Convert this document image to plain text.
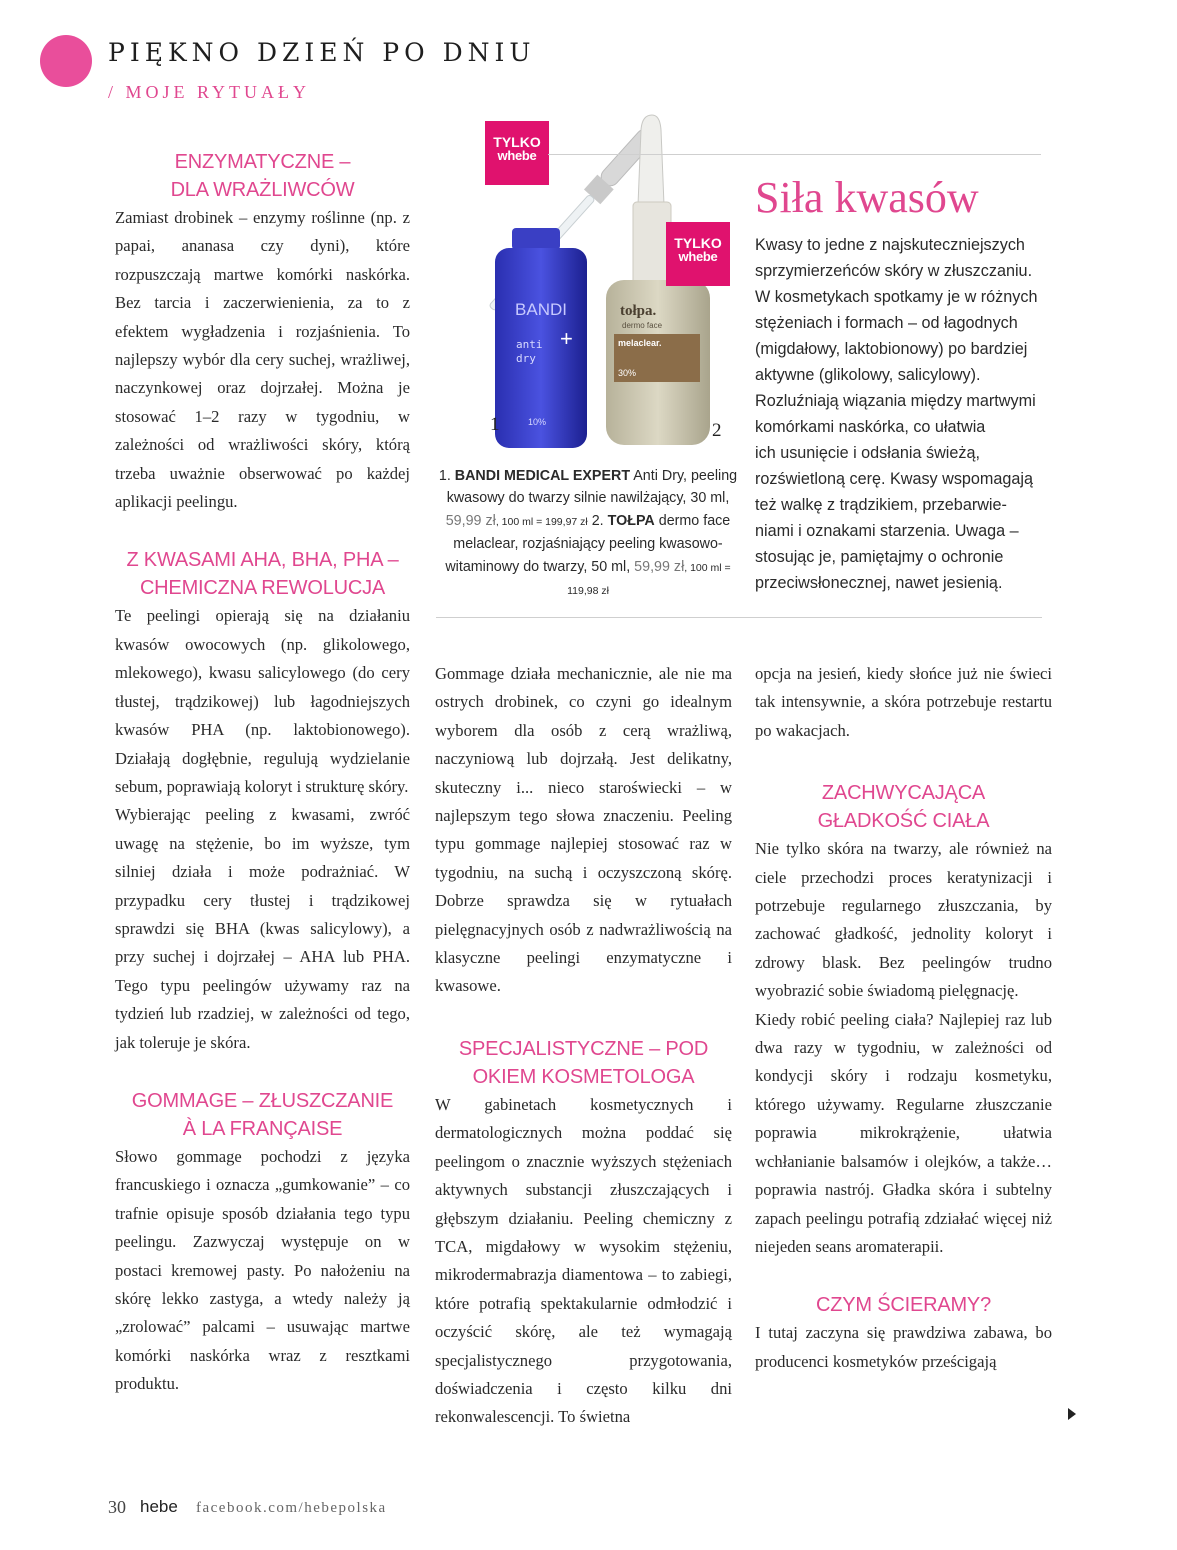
PIĘKNO DZIEŃ PO DNIU
/ MOJE RYTUAŁY
ENZYMATYCZNE –
DLA WRAŻLIWCÓW

Zamiast drobinek – enzymy roślinne (np. z papai, ananasa czy dyni), które rozpuszczają martwe komórki naskórka. Bez tarcia i zaczerwienienia, za to z efektem wygładzenia i rozjaśnienia. To najlepszy wybór dla cery suchej, wrażliwej, naczynkowej oraz dojrzałej. Można je stosować 1–2 razy w tygodniu, w zależności od wrażliwości skóry, którą trzeba uważnie obserwować po każdej aplikacji peelingu.

Z KWASAMI AHA, BHA, PHA –
CHEMICZNA REWOLUCJA

Te peelingi opierają się na działaniu kwasów owocowych (np. glikolowego, mlekowego), kwasu salicylowego (do cery tłustej, trądzikowej) lub łagodniejszych kwasów PHA (np. laktobionowego). Działają dogłębnie, regulują wydzielanie sebum, poprawiają koloryt i strukturę skóry.

Wybierając peeling z kwasami, zwróć uwagę na stężenie, bo im wyższe, tym silniej działa i może podrażniać. W przypadku cery tłustej i trądzikowej sprawdzi się BHA (kwas salicylowy), a przy suchej i dojrzałej – AHA lub PHA. Tego typu peelingów używamy raz na tydzień lub rzadziej, w zależności od tego, jak toleruje je skóra.

GOMMAGE – ZŁUSZCZANIE
À LA FRANÇAISE

Słowo gommage pochodzi z języka francuskiego i oznacza „gumkowanie” – co trafnie opisuje sposób działania tego typu peelingu. Zazwyczaj występuje on w postaci kremowej pasty. Po nałożeniu na skórę lekko zastyga, a wtedy należy ją „zrolować” palcami – usuwając martwe komórki naskórka wraz z resztkami produktu.

BANDI
anti
dry
+
10%
tołpa.
dermo face
melaclear.
30%
TYLKO
whebe
TYLKO
whebe
1	2
1. BANDI MEDICAL EXPERT Anti Dry, peeling kwasowy do twarzy silnie nawilżający, 30 ml, 59,99 zł, 100 ml = 199,97 zł 2. TOŁPA dermo face melaclear, rozjaśniający peeling kwasowo-witaminowy do twarzy, 50 ml, 59,99 zł, 100 ml = 119,98 zł
Siła kwasów
Kwasy to jedne z najskuteczniejszych
sprzymierzeńców skóry w złuszczaniu.
W kosmetykach spotkamy je w różnych
stężeniach i formach – od łagodnych
(migdałowy, laktobionowy) po bardziej
aktywne (glikolowy, salicylowy).
Rozluźniają wiązania między martwymi
komórkami naskórka, co ułatwia
ich usunięcie i odsłania świeżą,
rozświetloną cerę. Kwasy wspomagają
też walkę z trądzikiem, przebarwie-
niami i oznakami starzenia. Uwaga –
stosując je, pamiętajmy o ochronie
przeciwsłonecznej, nawet jesienią.

Gommage działa mechanicznie, ale nie ma ostrych drobinek, co czyni go idealnym wyborem dla osób z cerą wrażliwą, naczyniową lub dojrzałą. Jest delikatny, skuteczny i... nieco staroświecki – w najlepszym tego słowa znaczeniu. Peeling typu gommage najlepiej stosować raz w tygodniu, na suchą i oczyszczoną skórę. Dobrze sprawdza się w rytuałach pielęgnacyjnych osób z nadwrażliwością na klasyczne peelingi enzymatyczne i kwasowe.

SPECJALISTYCZNE – POD
OKIEM KOSMETOLOGA

W gabinetach kosmetycznych i dermatologicznych można poddać się peelingom o znacznie wyższych stężeniach aktywnych substancji złuszczających i głębszym działaniu. Peeling chemiczny z TCA, migdałowy w wysokim stężeniu, mikrodermabrazja diamentowa – to zabiegi, które potrafią spektakularnie odmłodzić i oczyścić skórę, ale też wymagają specjalistycznego przygotowania, doświadczenia i często kilku dni rekonwalescencji. To świetna

opcja na jesień, kiedy słońce już nie świeci tak intensywnie, a skóra potrzebuje restartu po wakacjach.

ZACHWYCAJĄCA
GŁADKOŚĆ CIAŁA

Nie tylko skóra na twarzy, ale również na ciele przechodzi proces keratynizacji i potrzebuje regularnego złuszczania, by zachować gładkość, jednolity koloryt i zdrowy blask. Bez peelingów trudno wyobrazić sobie świadomą pielęgnację.

Kiedy robić peeling ciała? Najlepiej raz lub dwa razy w tygodniu, w zależności od kondycji skóry i rodzaju kosmetyku, którego używamy. Regularne złuszczanie poprawia mikrokrążenie, ułatwia wchłanianie balsamów i olejków, a także… poprawia nastrój. Gładka skóra i subtelny zapach peelingu potrafią zdziałać więcej niż niejeden seans aromaterapii.

CZYM ŚCIERAMY?

I tutaj zaczyna się prawdziwa zabawa, bo producenci kosmetyków prześcigają

30 hebe facebook.com/hebepolska
